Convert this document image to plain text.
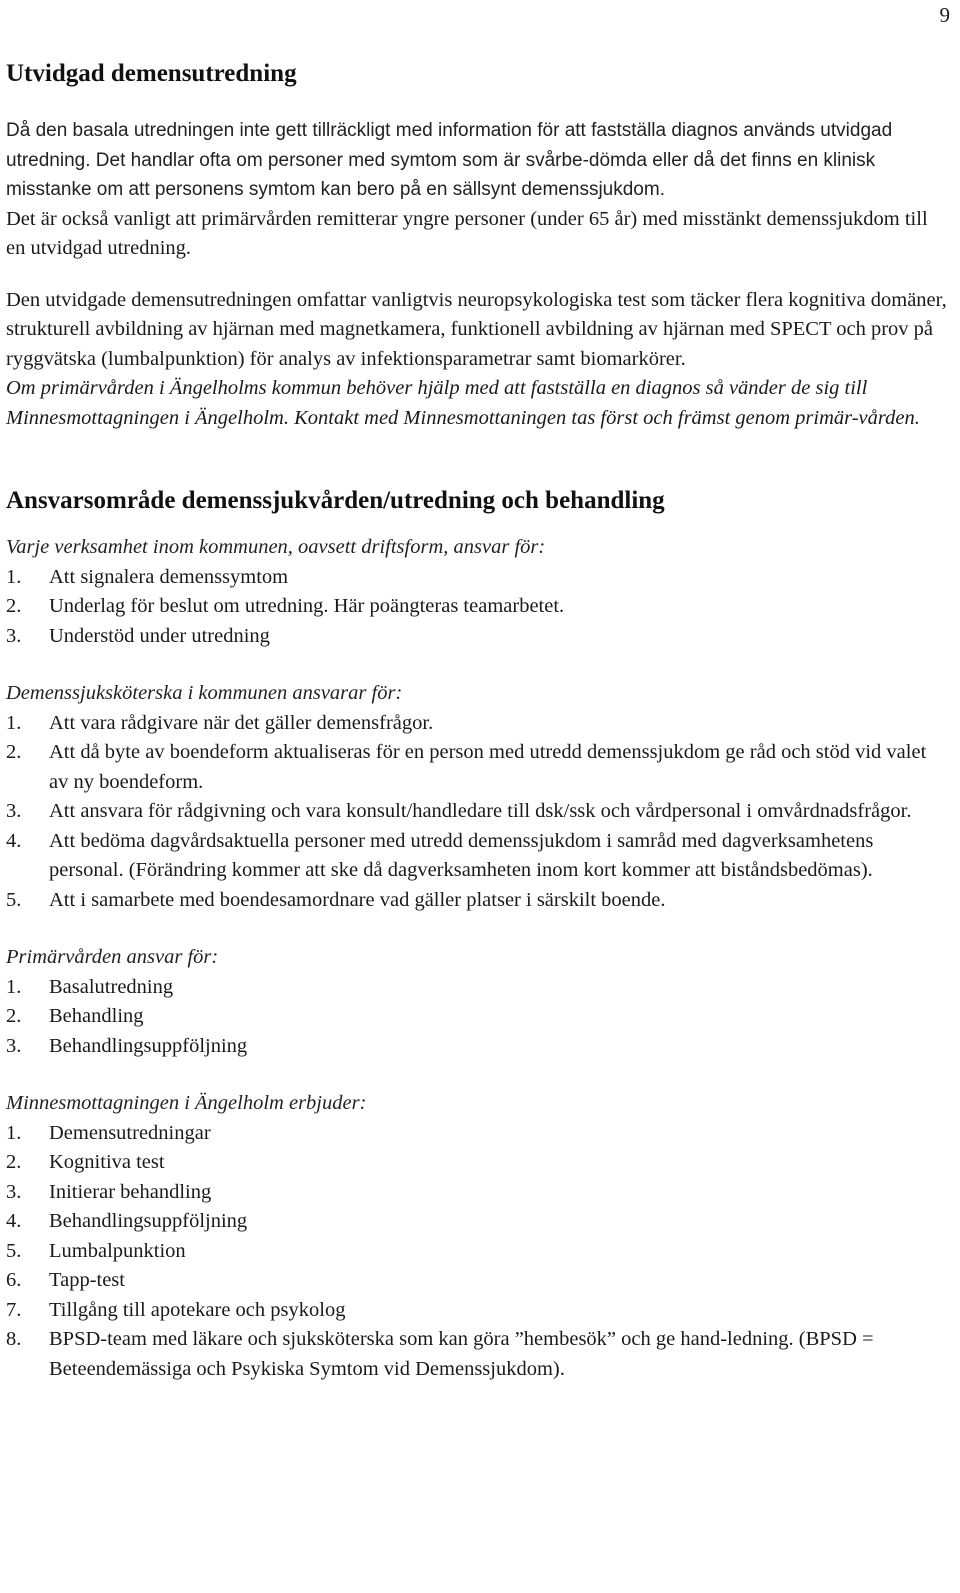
9
Utvidgad demensutredning

Då den basala utredningen inte gett tillräckligt med information för att fastställa diagnos används utvidgad utredning. Det handlar ofta om personer med symtom som är svårbe-dömda eller då det finns en klinisk misstanke om att personens symtom kan bero på en sällsynt demenssjukdom.

Det är också vanligt att primärvården remitterar yngre personer (under 65 år) med misstänkt demenssjukdom till en utvidgad utredning.

Den utvidgade demensutredningen omfattar vanligtvis neuropsykologiska test som täcker flera kognitiva domäner, strukturell avbildning av hjärnan med magnetkamera, funktionell avbildning av hjärnan med SPECT och prov på ryggvätska (lumbalpunktion) för analys av infektionsparametrar samt biomarkörer.

Om primärvården i Ängelholms kommun behöver hjälp med att fastställa en diagnos så vänder de sig till Minnesmottagningen i Ängelholm. Kontakt med Minnesmottaningen tas först och främst genom primär-vården.

Ansvarsområde demenssjukvården/utredning och behandling

Varje verksamhet inom kommunen, oavsett driftsform, ansvar för:

1. Att signalera demenssymtom
2. Underlag för beslut om utredning. Här poängteras teamarbetet.
3. Understöd under utredning

Demenssjuksköterska i kommunen ansvarar för:

1. Att vara rådgivare när det gäller demensfrågor.
2. Att då byte av boendeform aktualiseras för en person med utredd demenssjukdom ge råd och stöd vid valet av ny boendeform.
3. Att ansvara för rådgivning och vara konsult/handledare till dsk/ssk och vårdpersonal i omvårdnadsfrågor.
4. Att bedöma dagvårdsaktuella personer med utredd demenssjukdom i samråd med dagverksamhetens personal. (Förändring kommer att ske då dagverksamheten inom kort kommer att biståndsbedömas).
5. Att i samarbete med boendesamordnare vad gäller platser i särskilt boende.

Primärvården ansvar för:

1. Basalutredning
2. Behandling
3. Behandlingsuppföljning

Minnesmottagningen i Ängelholm erbjuder:

1. Demensutredningar
2. Kognitiva test
3. Initierar behandling
4. Behandlingsuppföljning
5. Lumbalpunktion
6. Tapp-test
7. Tillgång till apotekare och psykolog
8. BPSD-team med läkare och sjuksköterska som kan göra ”hembesök” och ge hand-ledning. (BPSD = Beteendemässiga och Psykiska Symtom vid Demenssjukdom).
